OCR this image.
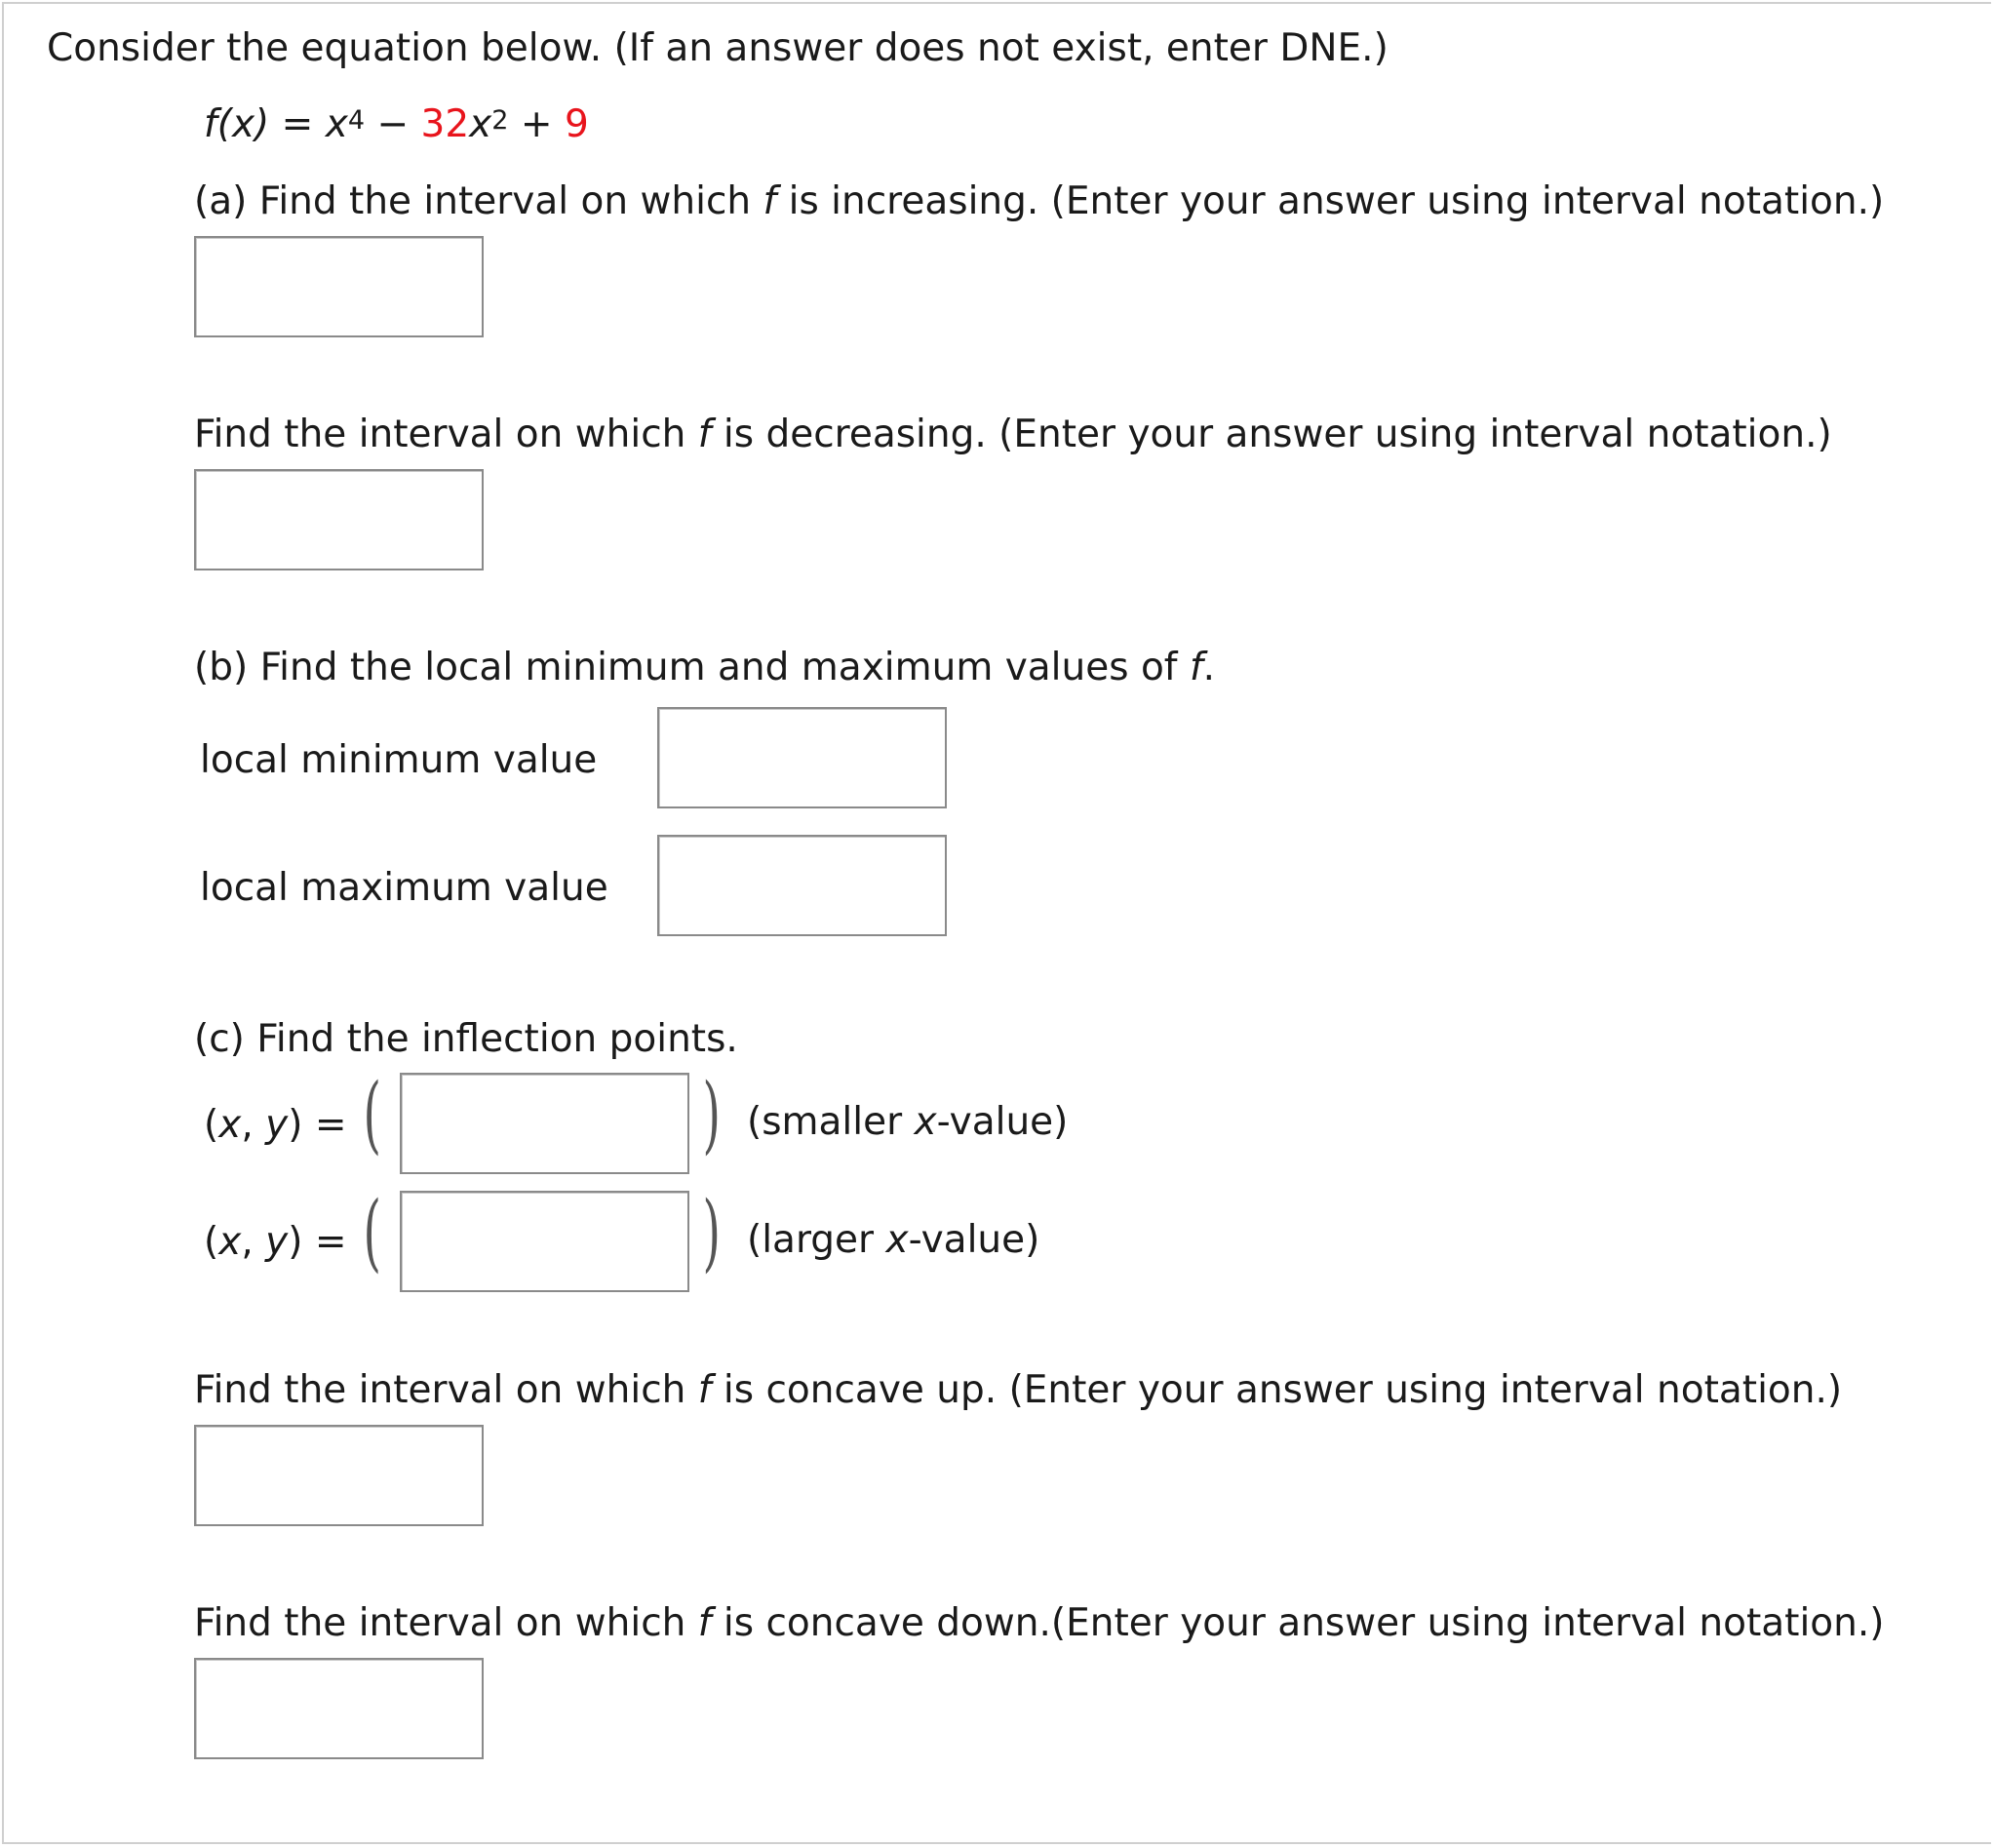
Consider the equation below. (If an answer does not exist, enter DNE.)
$f(x) = x^4 - 32x^2 + 9$
(a) Find the interval on which f is increasing. (Enter your answer using interval notation.)
Find the interval on which f is decreasing. (Enter your answer using interval notation.)
(b) Find the local minimum and maximum values of f.
local minimum value
local maximum value
(c) Find the inflection points.
(x, y) = (	) (smaller x-value)
(x, y) = (	) (larger x-value)
Find the interval on which f is concave up. (Enter your answer using interval notation.)
Find the interval on which f is concave down.(Enter your answer using interval notation.)
